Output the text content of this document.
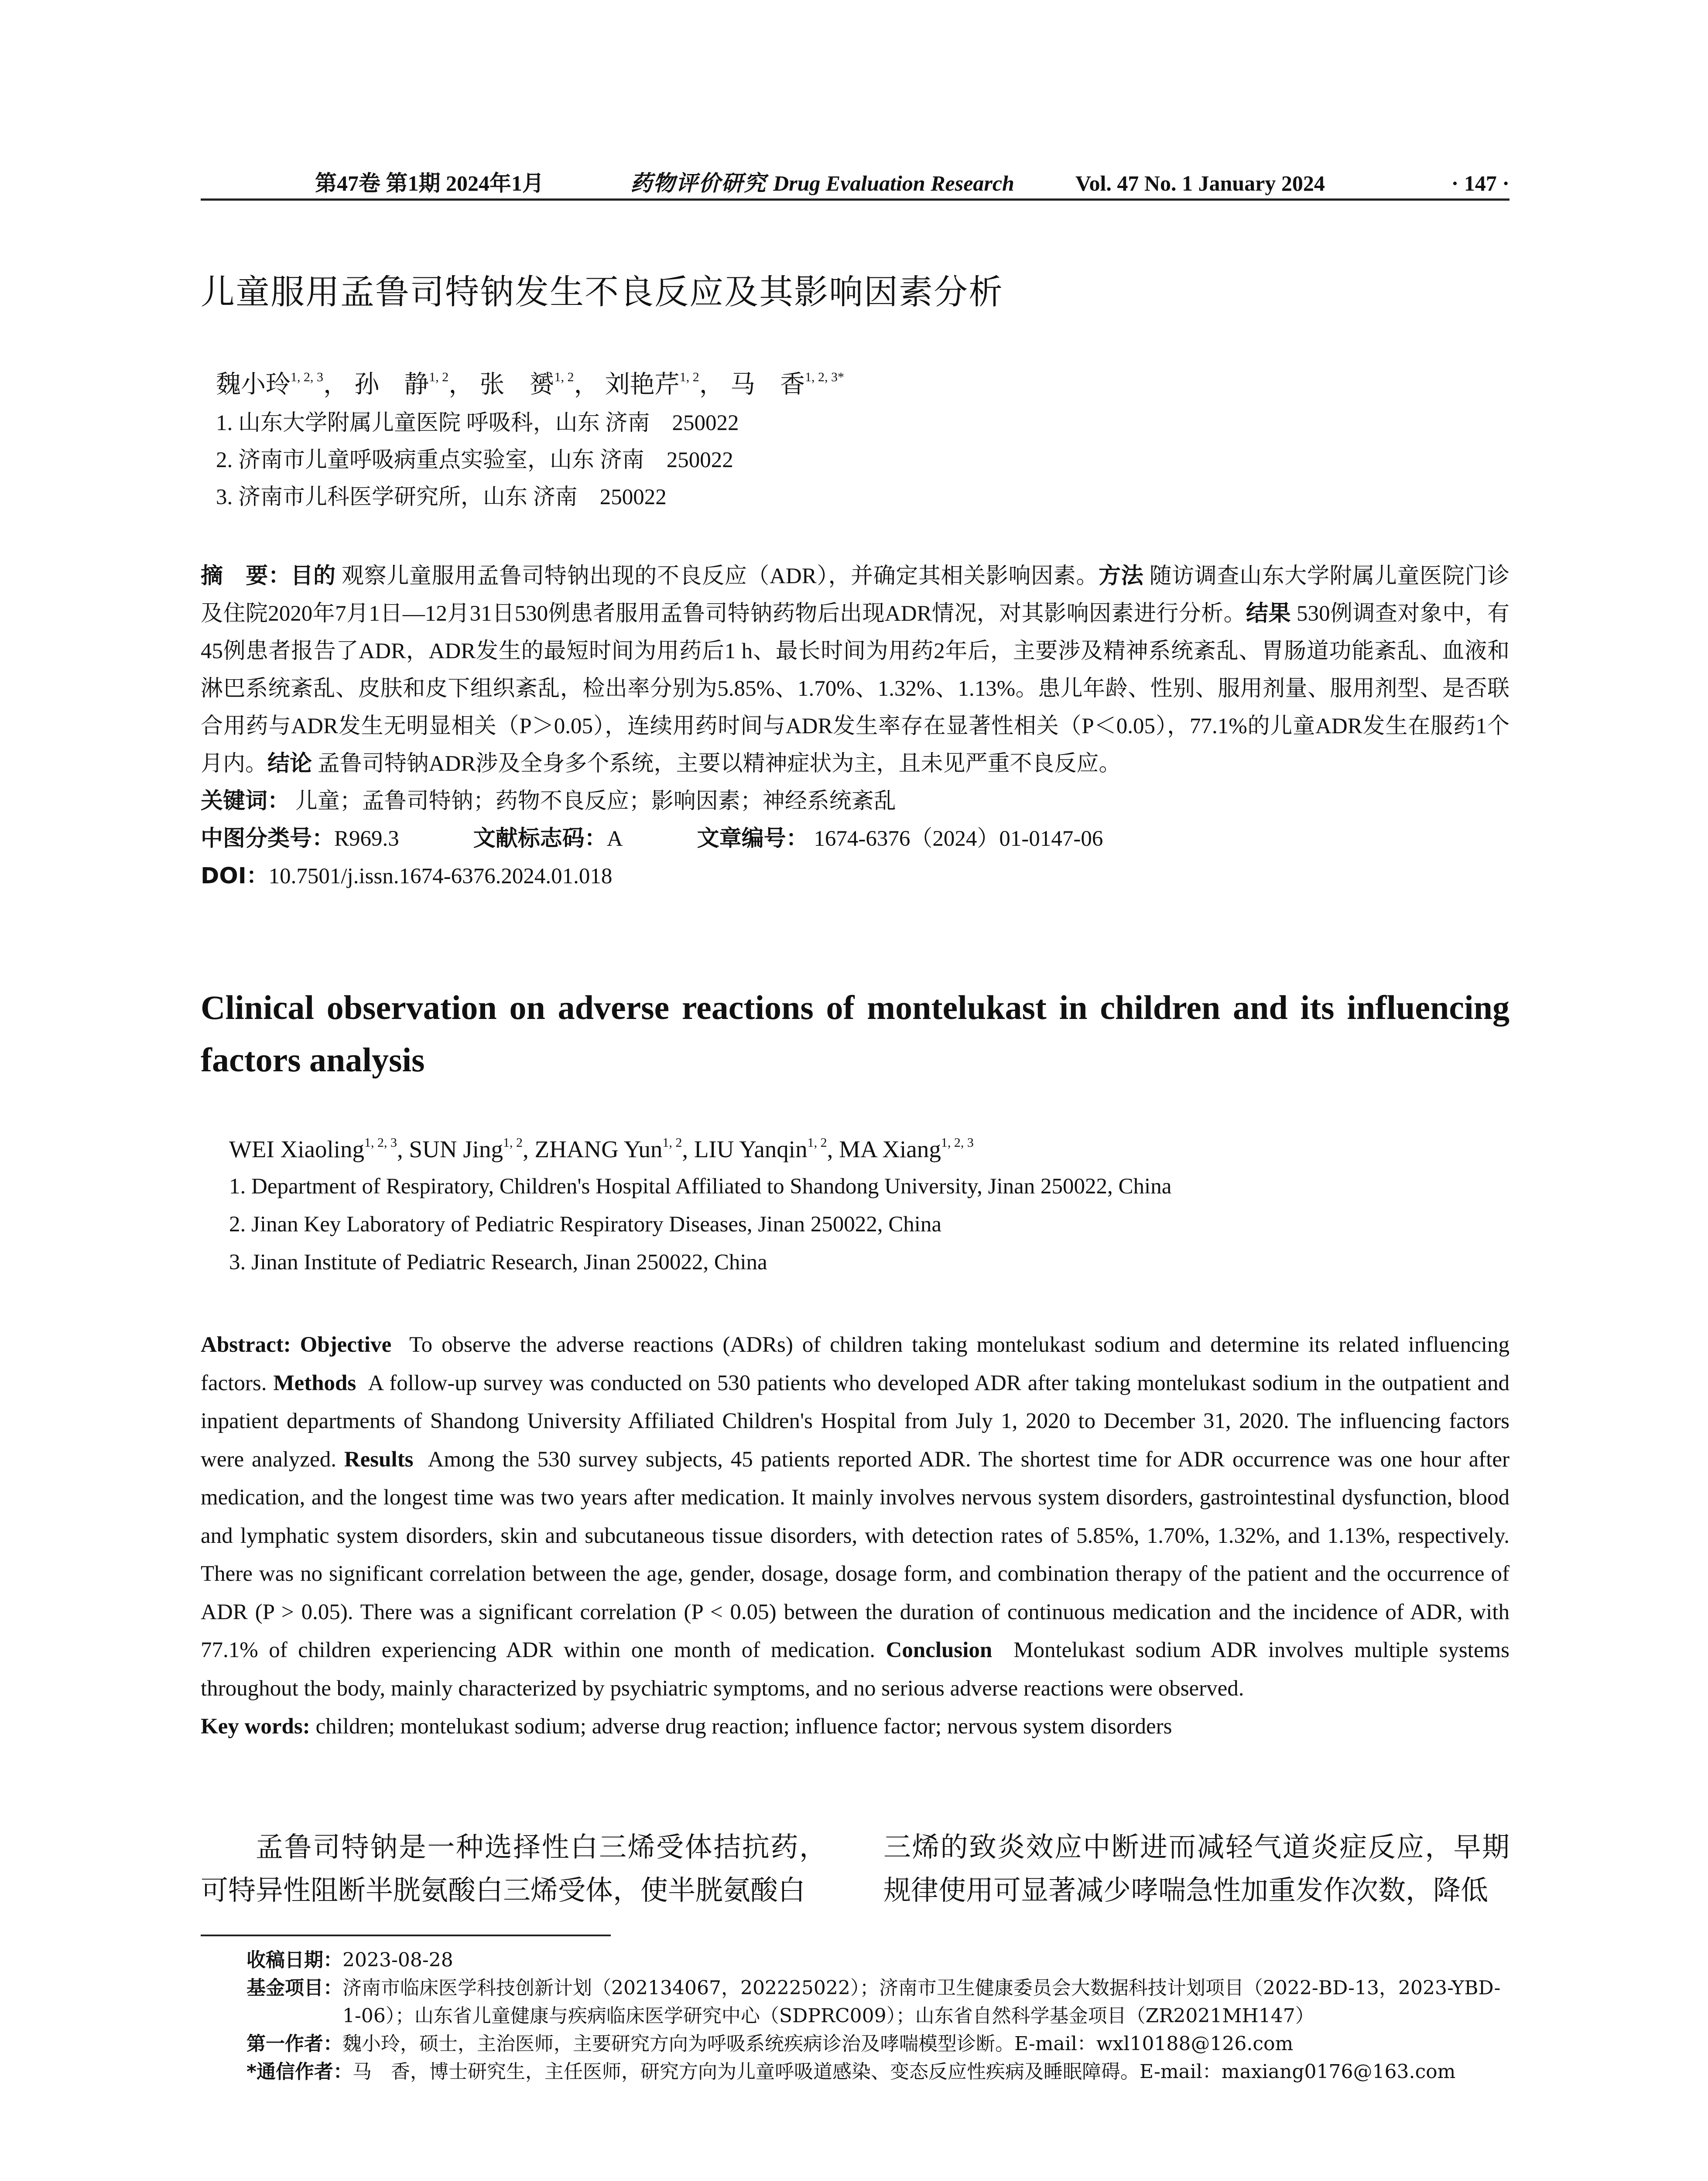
第47卷 第1期 2024年1月	药物评价研究 Drug Evaluation Research	Vol. 47 No. 1 January 2024	· 147 ·
儿童服用孟鲁司特钠发生不良反应及其影响因素分析
魏小玲$^{1, 2, 3}$， 孙　静$^{1, 2}$， 张　赟$^{1, 2}$， 刘艳芹$^{1, 2}$， 马　香$^{1, 2, 3*}$
1. 山东大学附属儿童医院 呼吸科，山东 济南　250022
2. 济南市儿童呼吸病重点实验室，山东 济南　250022
3. 济南市儿科医学研究所，山东 济南　250022
摘　要：目的 观察儿童服用孟鲁司特钠出现的不良反应（ADR），并确定其相关影响因素。方法 随访调查山东大学附属儿童医院门诊及住院2020年7月1日—12月31日530例患者服用孟鲁司特钠药物后出现ADR情况，对其影响因素进行分析。结果 530例调查对象中，有45例患者报告了ADR，ADR发生的最短时间为用药后1 h、最长时间为用药2年后，主要涉及精神系统紊乱、胃肠道功能紊乱、血液和淋巴系统紊乱、皮肤和皮下组织紊乱，检出率分别为5.85%、1.70%、1.32%、1.13%。患儿年龄、性别、服用剂量、服用剂型、是否联合用药与ADR发生无明显相关（P＞0.05），连续用药时间与ADR发生率存在显著性相关（P＜0.05），77.1%的儿童ADR发生在服药1个月内。结论 孟鲁司特钠ADR涉及全身多个系统，主要以精神症状为主，且未见严重不良反应。
关键词： 儿童；孟鲁司特钠；药物不良反应；影响因素；神经系统紊乱
中图分类号：R969.3	文献标志码：A	文章编号： 1674-6376（2024）01-0147-06
DOI：10.7501/j.issn.1674-6376.2024.01.018
Clinical observation on adverse reactions of montelukast in children and its influencing factors analysis
WEI Xiaoling$^{1, 2, 3}$, SUN Jing$^{1, 2}$, ZHANG Yun$^{1, 2}$, LIU Yanqin$^{1, 2}$, MA Xiang$^{1, 2, 3}$
1. Department of Respiratory, Children's Hospital Affiliated to Shandong University, Jinan 250022, China
2. Jinan Key Laboratory of Pediatric Respiratory Diseases, Jinan 250022, China
3. Jinan Institute of Pediatric Research, Jinan 250022, China
Abstract: Objective To observe the adverse reactions (ADRs) of children taking montelukast sodium and determine its related influencing factors. Methods A follow-up survey was conducted on 530 patients who developed ADR after taking montelukast sodium in the outpatient and inpatient departments of Shandong University Affiliated Children's Hospital from July 1, 2020 to December 31, 2020. The influencing factors were analyzed. Results Among the 530 survey subjects, 45 patients reported ADR. The shortest time for ADR occurrence was one hour after medication, and the longest time was two years after medication. It mainly involves nervous system disorders, gastrointestinal dysfunction, blood and lymphatic system disorders, skin and subcutaneous tissue disorders, with detection rates of 5.85%, 1.70%, 1.32%, and 1.13%, respectively. There was no significant correlation between the age, gender, dosage, dosage form, and combination therapy of the patient and the occurrence of ADR (P > 0.05). There was a significant correlation (P < 0.05) between the duration of continuous medication and the incidence of ADR, with 77.1% of children experiencing ADR within one month of medication. Conclusion Montelukast sodium ADR involves multiple systems throughout the body, mainly characterized by psychiatric symptoms, and no serious adverse reactions were observed.
Key words: children; montelukast sodium; adverse drug reaction; influence factor; nervous system disorders
孟鲁司特钠是一种选择性白三烯受体拮抗药，可特异性阻断半胱氨酸白三烯受体，使半胱氨酸白
三烯的致炎效应中断进而减轻气道炎症反应，早期规律使用可显著减少哮喘急性加重发作次数，降低
收稿日期：2023-08-28
基金项目：济南市临床医学科技创新计划（202134067，202225022）；济南市卫生健康委员会大数据科技计划项目（2022-BD-13，2023-YBD-1-06）；山东省儿童健康与疾病临床医学研究中心（SDPRC009）；山东省自然科学基金项目（ZR2021MH147）
第一作者：魏小玲，硕士，主治医师，主要研究方向为呼吸系统疾病诊治及哮喘模型诊断。E-mail：wxl10188@126.com
*通信作者：马　香，博士研究生，主任医师，研究方向为儿童呼吸道感染、变态反应性疾病及睡眠障碍。E-mail：maxiang0176@163.com
